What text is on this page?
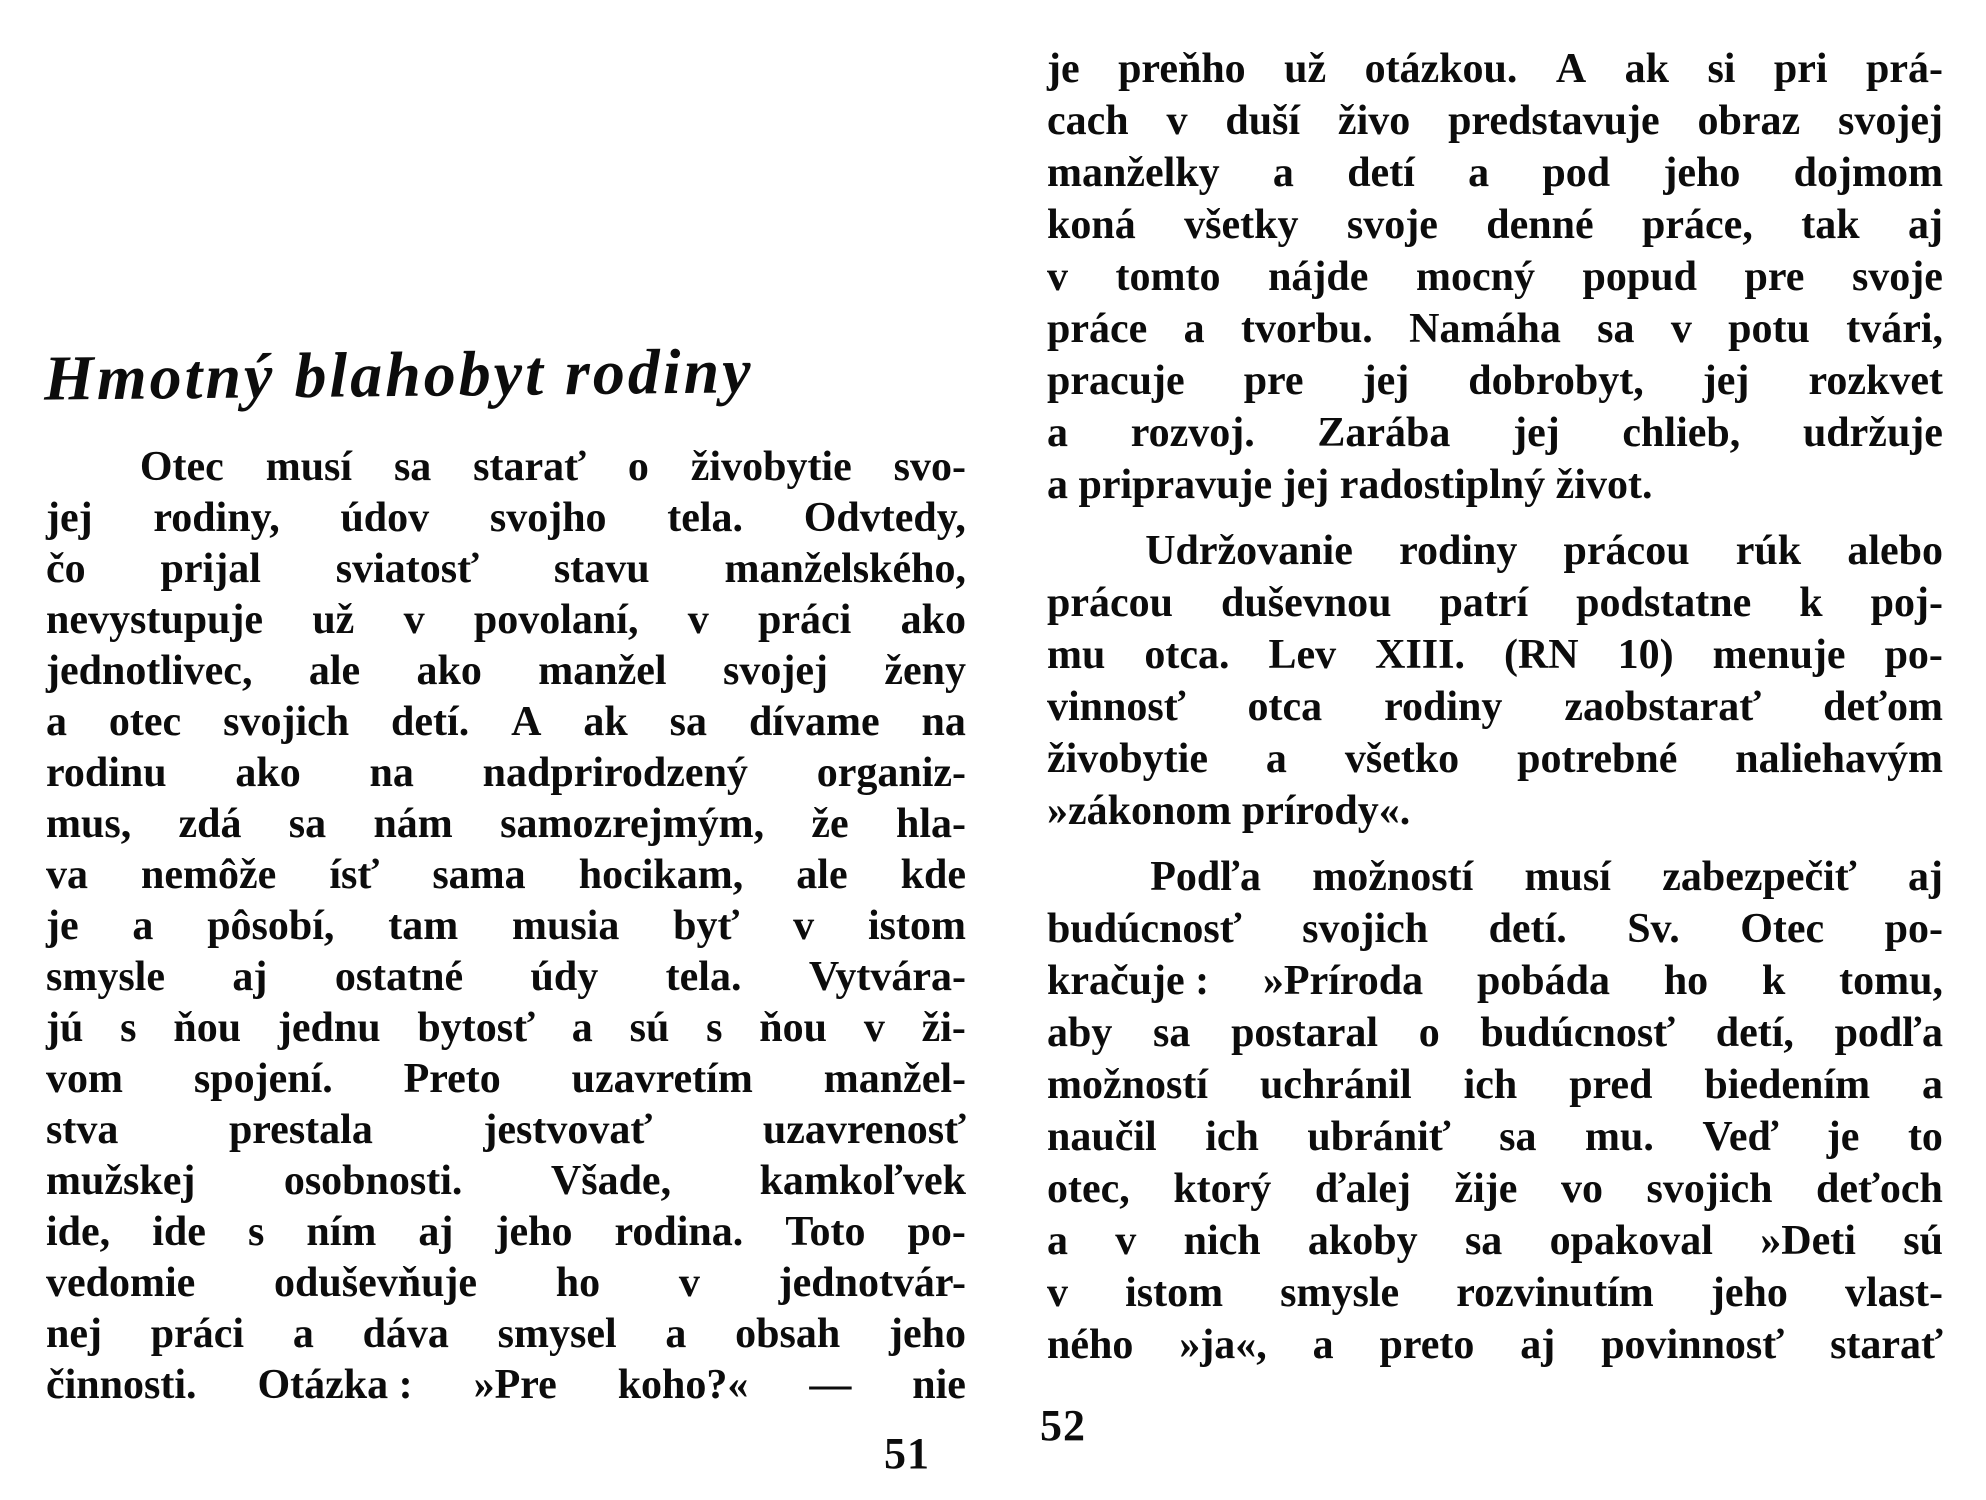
Hmotný blahobyt rodiny
Otec musí sa starať o živobytie svo-
jej rodiny, údov svojho tela. Odvtedy,
čo prijal sviatosť stavu manželského,
nevystupuje už v povolaní, v práci ako
jednotlivec, ale ako manžel svojej ženy
a otec svojich detí. A ak sa dívame na
rodinu ako na nadprirodzený organiz-
mus, zdá sa nám samozrejmým, že hla-
va nemôže ísť sama hocikam, ale kde
je a pôsobí, tam musia byť v istom
smysle aj ostatné údy tela. Vytvára-
jú s ňou jednu bytosť a sú s ňou v ži-
vom spojení. Preto uzavretím manžel-
stva	prestala	jestvovať	uzavrenosť
mužskej osobnosti. Všade, kamkoľvek
ide, ide s ním aj jeho rodina. Toto po-
vedomie oduševňuje ho v jednotvár-
nej práci a dáva smysel a obsah jeho
činnosti. Otázka : »Pre koho?« — nie
51
je preňho už otázkou. A ak si pri prá-
cach v duší živo predstavuje obraz svojej
manželky a detí a pod jeho dojmom
koná všetky svoje denné práce, tak aj
v tomto nájde mocný popud pre svoje
práce a tvorbu. Namáha sa v potu tvári,
pracuje pre jej dobrobyt, jej rozkvet
a rozvoj. Zarába jej chlieb, udržuje
a pripravuje jej radostiplný život.
Udržovanie rodiny prácou rúk alebo
prácou duševnou patrí podstatne k poj-
mu otca. Lev XIII. (RN 10) menuje po-
vinnosť otca rodiny zaobstarať deťom
živobytie a všetko potrebné naliehavým
»zákonom prírody«.
Podľa možností musí zabezpečiť aj
budúcnosť svojich detí. Sv. Otec po-
kračuje : »Príroda pobáda ho k tomu,
aby sa postaral o budúcnosť detí, podľa
možností uchránil ich pred biedením a
naučil ich ubrániť sa mu. Veď je to
otec, ktorý ďalej žije vo svojich deťoch
a v nich akoby sa opakoval »Deti sú
v istom smysle rozvinutím jeho vlast-
ného »ja«, a preto aj povinnosť starať
52
